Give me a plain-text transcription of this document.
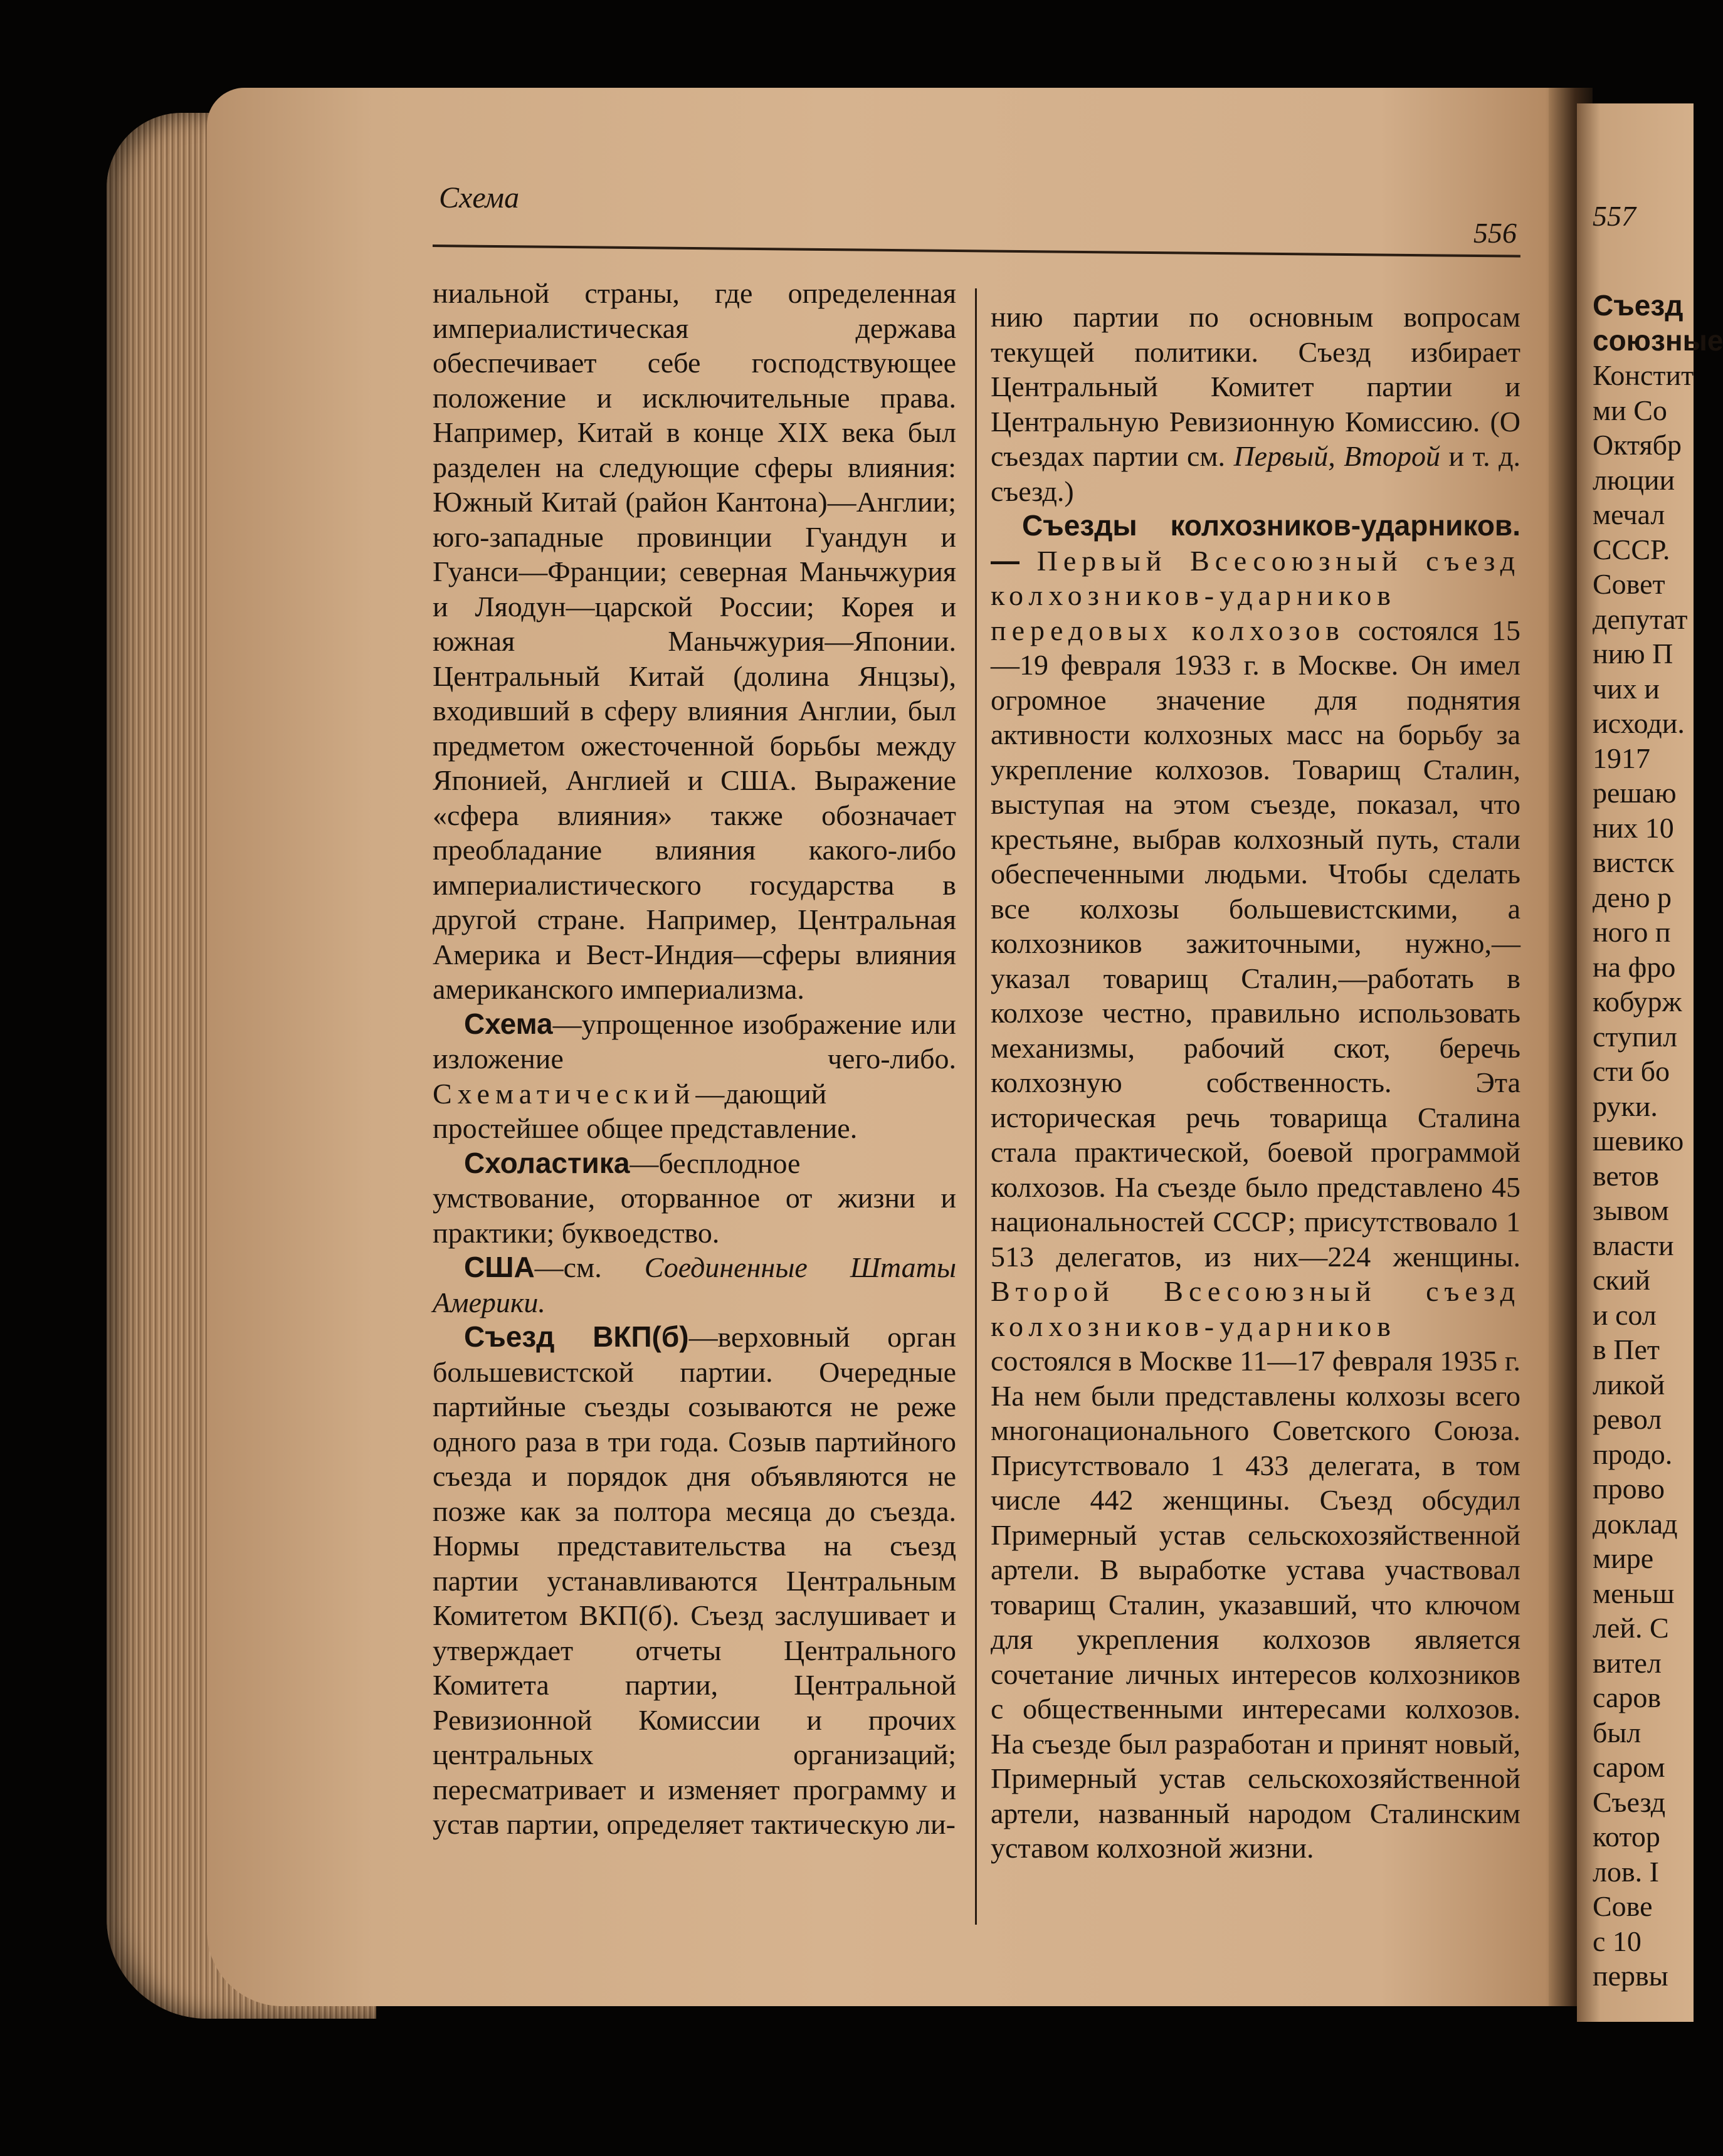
Схема
556
557

ниальной страны, где определенная империалистическая держава обеспечивает себе господствующее положение и исключительные права. Например, Китай в конце XIX века был разделен на следующие сферы влияния: Южный Китай (район Кантона)—Англии; юго-западные провинции Гуандун и Гуанси—Франции; северная Маньчжурия и Ляодун—царской России; Корея и южная Маньчжурия—Японии. Центральный Китай (долина Янцзы), входивший в сферу влияния Англии, был предметом ожесточенной борьбы между Японией, Англией и США. Выражение «сфера влияния» также обозначает преобладание влияния какого-либо империалистического государства в другой стране. Например, Центральная Америка и Вест-Индия—сферы влияния американского империализма.

Схема—упрощенное изображение или изложение чего-либо. Схематический—дающий простейшее общее представление.

Схоластика—бесплодное умствование, оторванное от жизни и практики; буквоедство.

США—см. Соединенные Штаты Америки.

Съезд ВКП(б)—верховный орган большевистской партии. Очередные партийные съезды созываются не реже одного раза в три года. Созыв партийного съезда и порядок дня объявляются не позже как за полтора месяца до съезда. Нормы представительства на съезд партии устанавливаются Центральным Комитетом ВКП(б). Съезд заслушивает и утверждает отчеты Центрального Комитета партии, Центральной Ревизионной Комиссии и прочих центральных организаций; пересматривает и изменяет программу и устав партии, определяет тактическую ли-

нию партии по основным вопросам текущей политики. Съезд избирает Центральный Комитет партии и Центральную Ревизионную Комиссию. (О съездах партии см. Первый, Второй и т. д. съезд.)

Съезды колхозников-ударников.— Первый Всесоюзный съезд колхозников-ударников передовых колхозов состоялся 15—19 февраля 1933 г. в Москве. Он имел огромное значение для поднятия активности колхозных масс на борьбу за укрепление колхозов. Товарищ Сталин, выступая на этом съезде, показал, что крестьяне, выбрав колхозный путь, стали обеспеченными людьми. Чтобы сделать все колхозы большевистскими, а колхозников зажиточными, нужно,—указал товарищ Сталин,—работать в колхозе честно, правильно использовать механизмы, рабочий скот, беречь колхозную собственность. Эта историческая речь товарища Сталина стала практической, боевой программой колхозов. На съезде было представлено 45 национальностей СССР; присутствовало 1 513 делегатов, из них—224 женщины. Второй Всесоюзный съезд колхозников-ударников состоялся в Москве 11—17 февраля 1935 г. На нем были представлены колхозы всего многонационального Советского Союза. Присутствовало 1 433 делегата, в том числе 442 женщины. Съезд обсудил Примерный устав сельскохозяйственной артели. В выработке устава участвовал товарищ Сталин, указавший, что ключом для укрепления колхозов является сочетание личных интересов колхозников с общественными интересами колхозов. На съезде был разработан и принят новый, Примерный устав сельскохозяйственной артели, названный народом Сталинским уставом колхозной жизни.

Съезд
союзные
Констит
ми Со
Октябр
люции
мечал
СССР.
Совет
депутат
нию П
чих и
исходи.
1917
решаю
них 10
вистск
дено р
ного п
на фро
кобурж
ступил
сти бо
руки.
шевико
ветов
зывом
власти
ский
и сол
в Пет
ликой
револ
продо.
прово
доклад
мире
меньш
лей. С
вител
саров
был
саром
Съезд
котор
лов. I
Сове
с 10
первы
